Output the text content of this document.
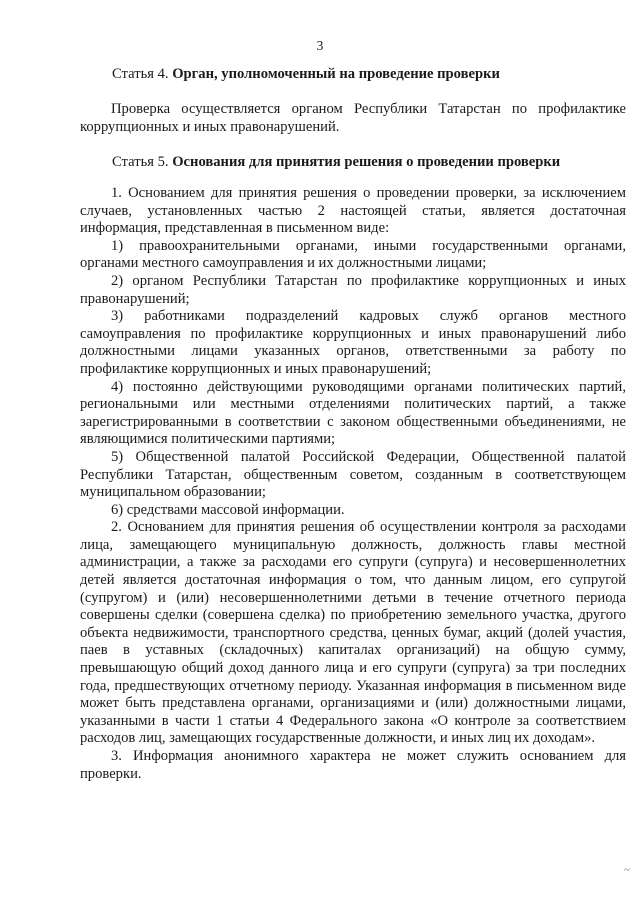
3
Статья 4. Орган, уполномоченный на проведение проверки
Проверка осуществляется органом Республики Татарстан по профилактике коррупционных и иных правонарушений.
Статья 5. Основания для принятия решения о проведении проверки
1. Основанием для принятия решения о проведении проверки, за исключением случаев, установленных частью 2 настоящей статьи, является достаточная информация, представленная в письменном виде:
1) правоохранительными органами, иными государственными органами, органами местного самоуправления и их должностными лицами;
2) органом Республики Татарстан по профилактике коррупционных и иных правонарушений;
3) работниками подразделений кадровых служб органов местного самоуправления по профилактике коррупционных и иных правонарушений либо должностными лицами указанных органов, ответственными за работу по профилактике коррупционных и иных правонарушений;
4) постоянно действующими руководящими органами политических партий, региональными или местными отделениями политических партий, а также зарегистрированными в соответствии с законом общественными объединениями, не являющимися политическими партиями;
5) Общественной палатой Российской Федерации, Общественной палатой Республики Татарстан, общественным советом, созданным в соответствующем муниципальном образовании;
6) средствами массовой информации.
2. Основанием для принятия решения об осуществлении контроля за расходами лица, замещающего муниципальную должность, должность главы местной администрации, а также за расходами его супруги (супруга) и несовершеннолетних детей является достаточная информация о том, что данным лицом, его супругой (супругом) и (или) несовершеннолетними детьми в течение отчетного периода совершены сделки (совершена сделка) по приобретению земельного участка, другого объекта недвижимости, транспортного средства, ценных бумаг, акций (долей участия, паев в уставных (складочных) капиталах организаций) на общую сумму, превышающую общий доход данного лица и его супруги (супруга) за три последних года, предшествующих отчетному периоду. Указанная информация в письменном виде может быть представлена органами, организациями и (или) должностными лицами, указанными в части 1 статьи 4 Федерального закона «О контроле за соответствием расходов лиц, замещающих государственные должности, и иных лиц их доходам».
3. Информация анонимного характера не может служить основанием для проверки.
~
